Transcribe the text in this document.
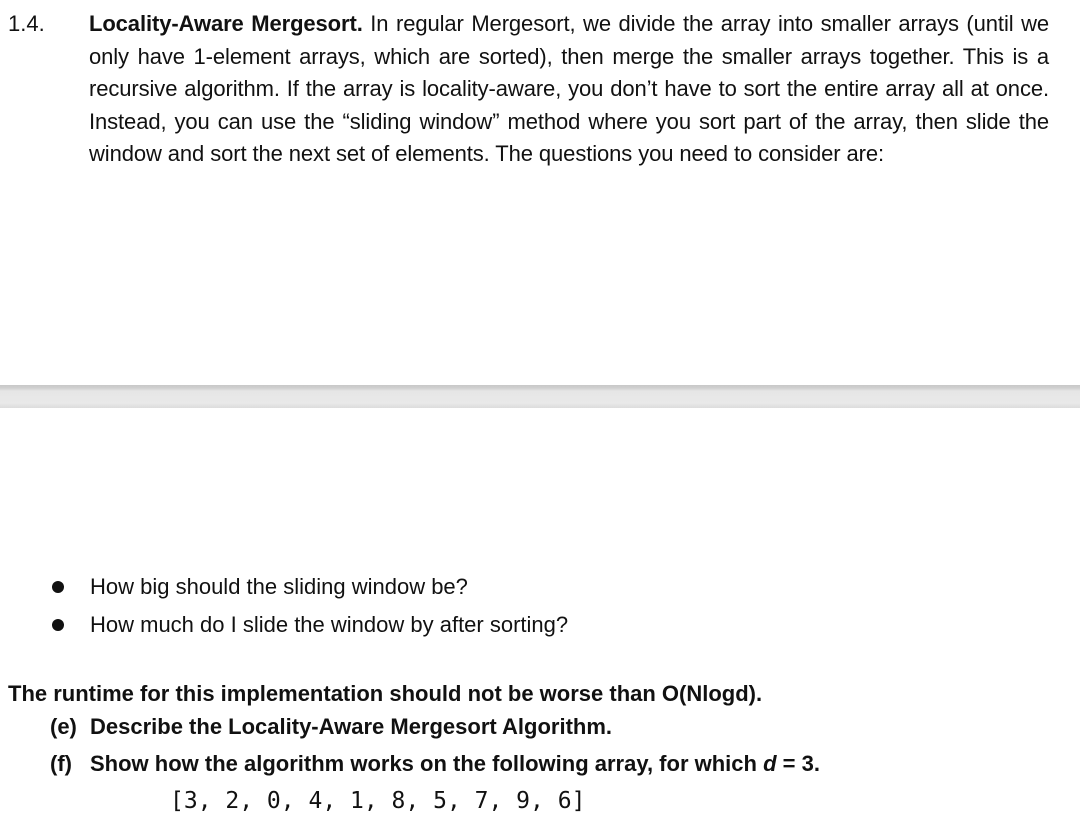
1.4. Locality-Aware Mergesort. In regular Mergesort, we divide the array into smaller arrays (until we only have 1-element arrays, which are sorted), then merge the smaller arrays together. This is a recursive algorithm. If the array is locality-aware, you don’t have to sort the entire array all at once. Instead, you can use the “sliding window” method where you sort part of the array, then slide the window and sort the next set of elements. The questions you need to consider are:
How big should the sliding window be?
How much do I slide the window by after sorting?
The runtime for this implementation should not be worse than O(Nlogd).
(e) Describe the Locality-Aware Mergesort Algorithm.
(f) Show how the algorithm works on the following array, for which d = 3.
[3, 2, 0, 4, 1, 8, 5, 7, 9, 6]
